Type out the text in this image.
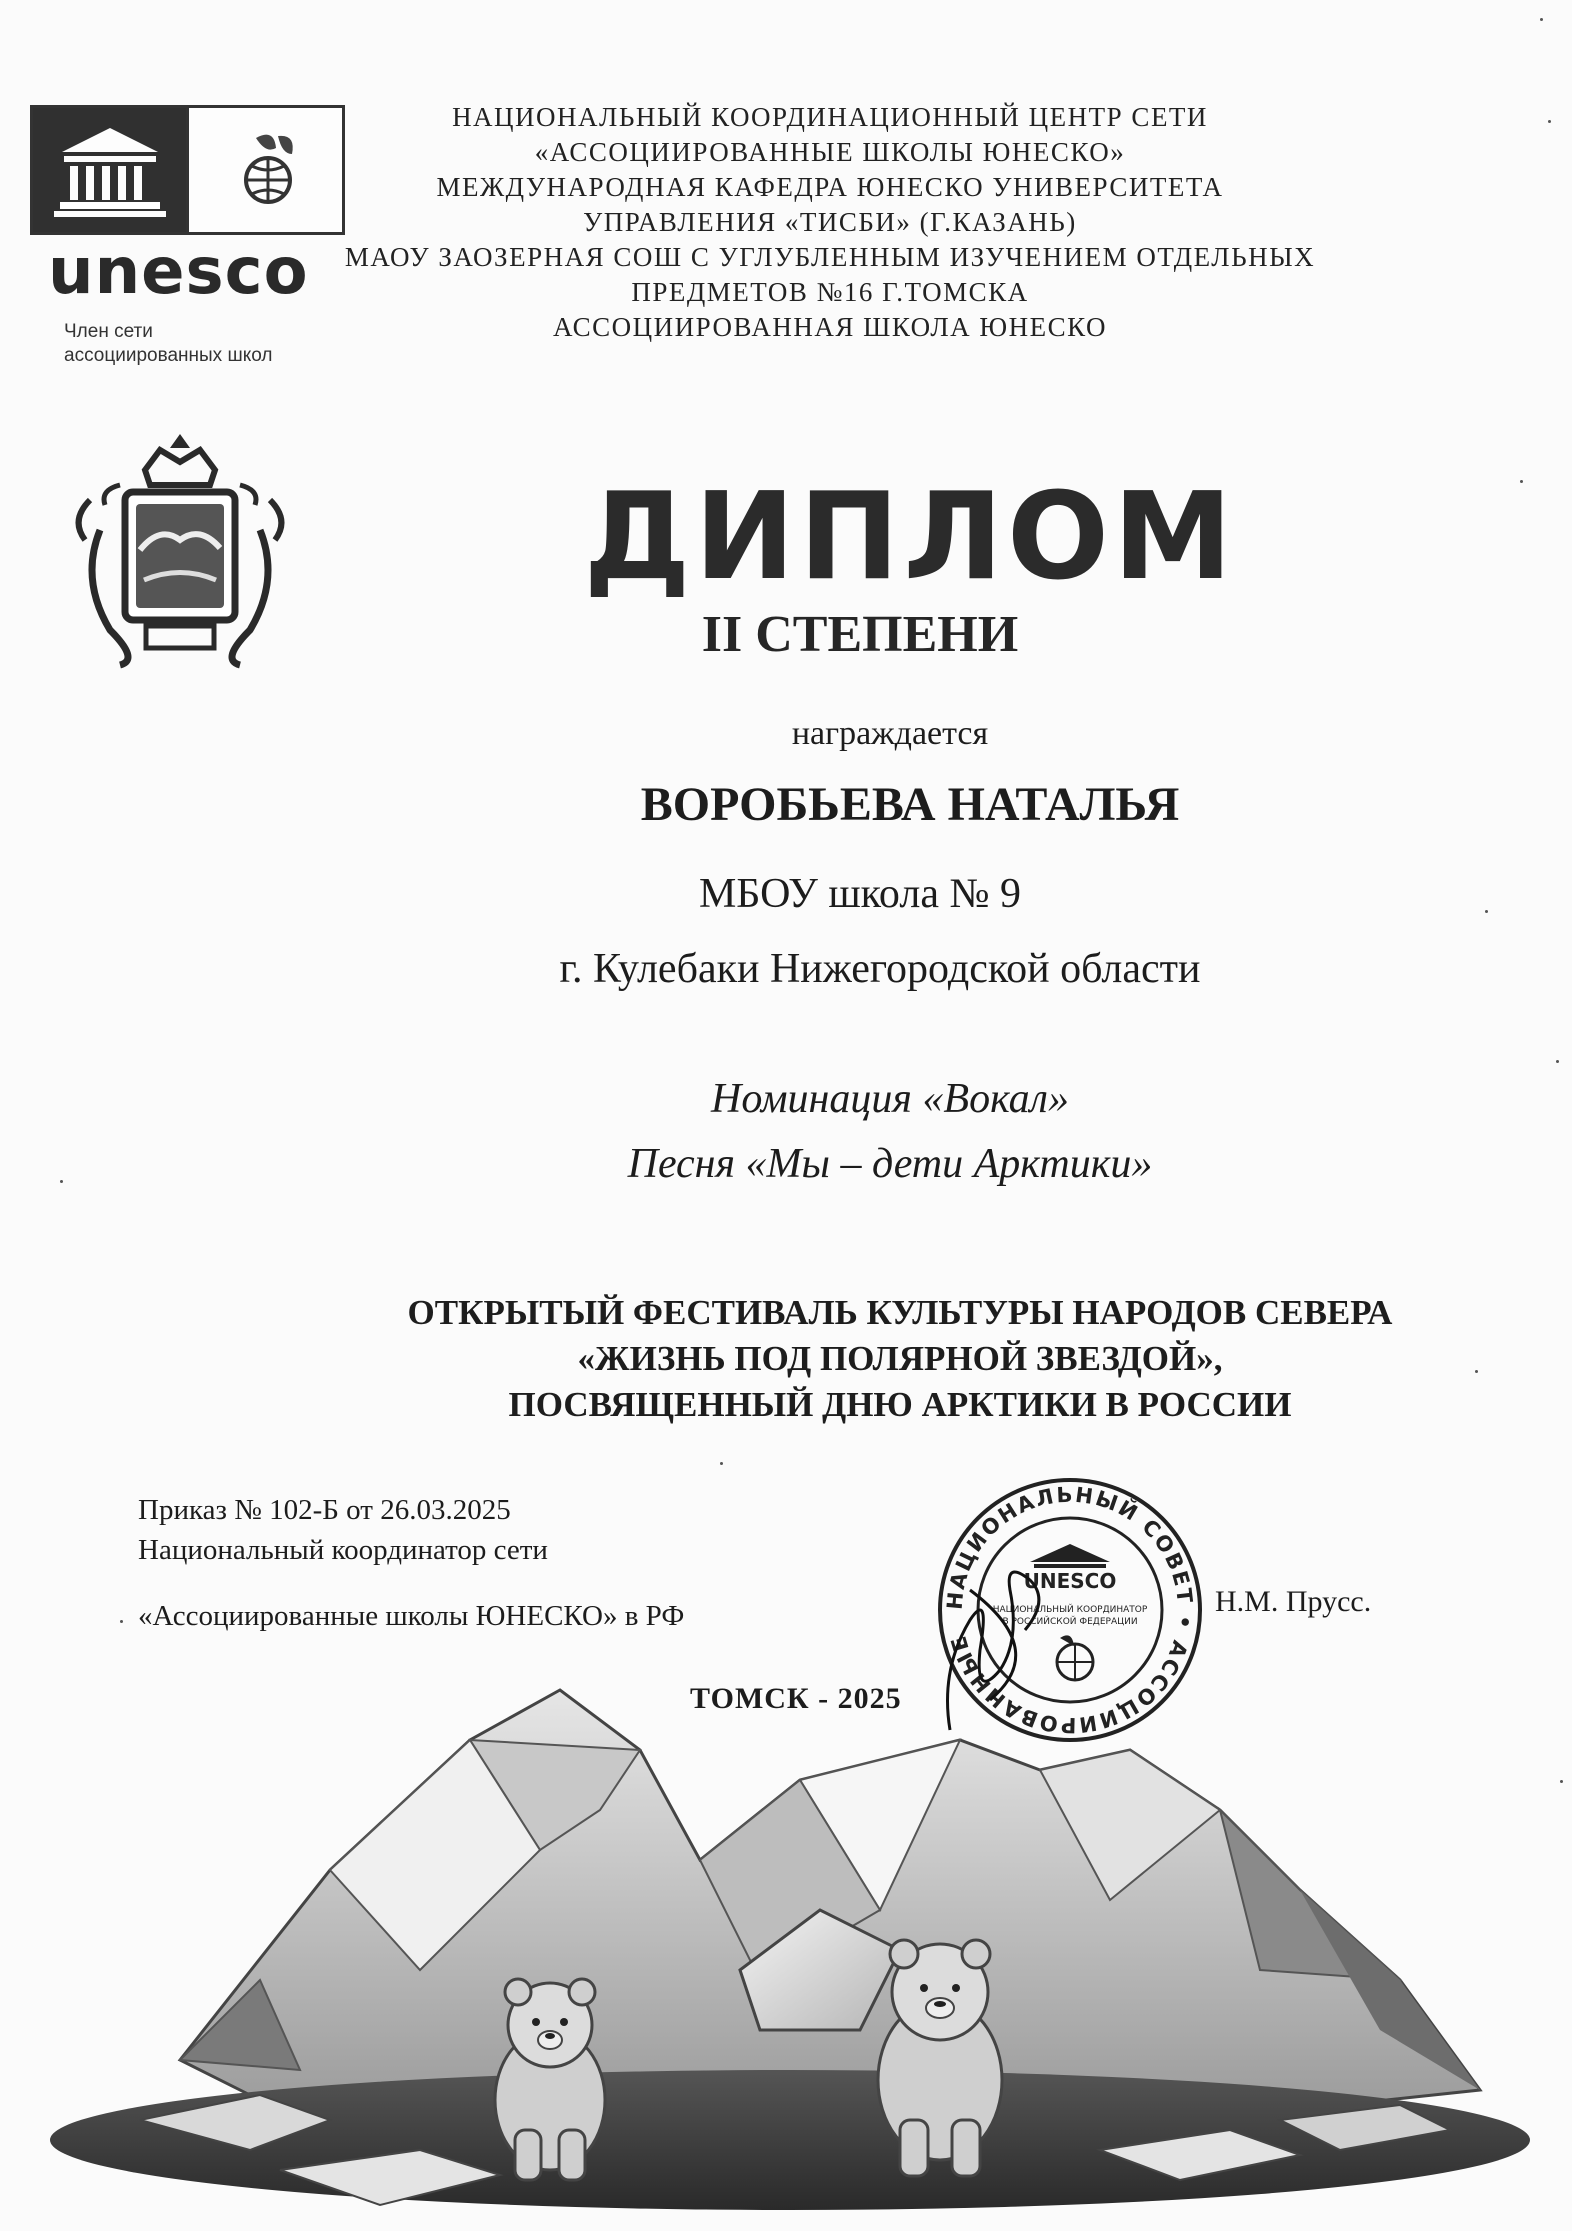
unesco
Член сети
ассоциированных школ
НАЦИОНАЛЬНЫЙ КООРДИНАЦИОННЫЙ ЦЕНТР СЕТИ
«АССОЦИИРОВАННЫЕ ШКОЛЫ ЮНЕСКО»
МЕЖДУНАРОДНАЯ КАФЕДРА ЮНЕСКО УНИВЕРСИТЕТА
УПРАВЛЕНИЯ «ТИСБИ» (Г.КАЗАНЬ)
МАОУ ЗАОЗЕРНАЯ СОШ С УГЛУБЛЕННЫМ ИЗУЧЕНИЕМ ОТДЕЛЬНЫХ
ПРЕДМЕТОВ №16 Г.ТОМСКА
АССОЦИИРОВАННАЯ ШКОЛА ЮНЕСКО
ДИПЛОМ
II СТЕПЕНИ
награждается
ВОРОБЬЕВА НАТАЛЬЯ
МБОУ школа № 9
г. Кулебаки Нижегородской области
Номинация «Вокал»
Песня «Мы – дети Арктики»
ОТКРЫТЫЙ ФЕСТИВАЛЬ КУЛЬТУРЫ НАРОДОВ СЕВЕРА
«ЖИЗНЬ ПОД ПОЛЯРНОЙ ЗВЕЗДОЙ»,
ПОСВЯЩЕННЫЙ ДНЮ АРКТИКИ В РОССИИ
Приказ № 102-Б от 26.03.2025
Национальный координатор сети
«Ассоциированные школы ЮНЕСКО» в РФ	Н.М. Прусс.
ТОМСК - 2025
НАЦИОНАЛЬНЫЙ СОВЕТ • АССОЦИИРОВАННЫЕ
UNESCO
НАЦИОНАЛЬНЫЙ КООРДИНАТОР
В РОССИЙСКОЙ ФЕДЕРАЦИИ
